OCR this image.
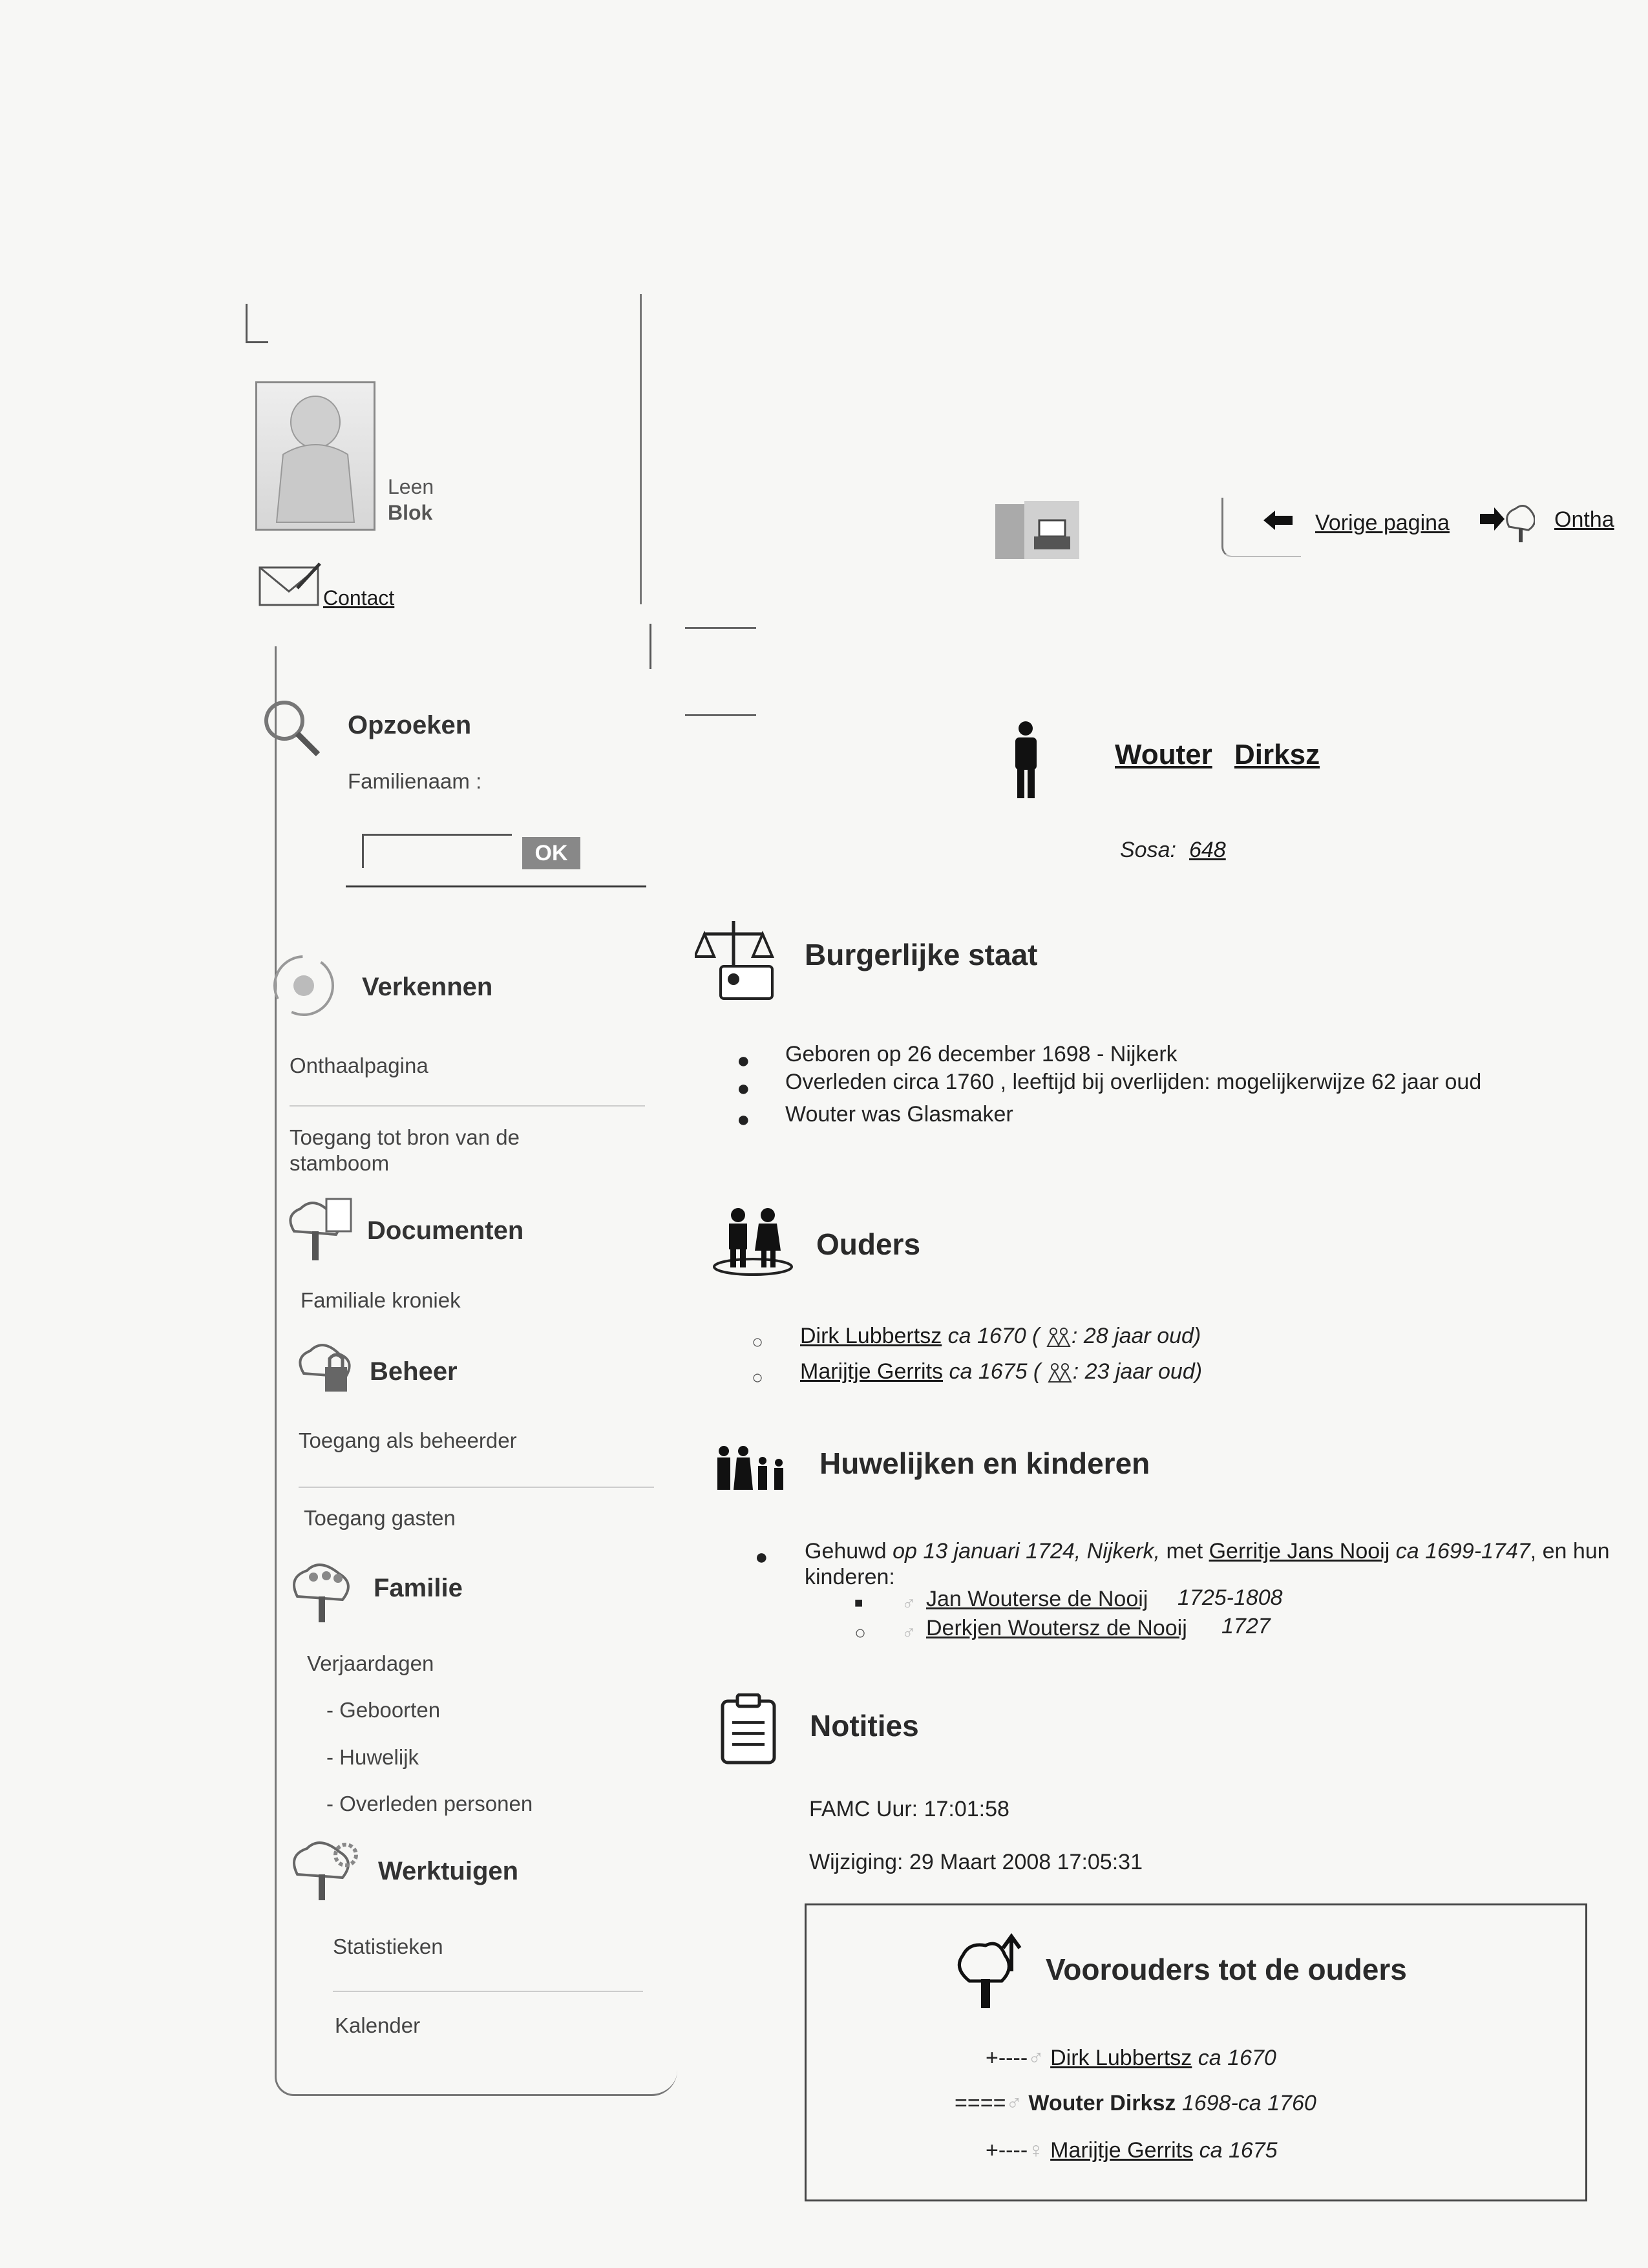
Leen
Blok
Contact
Opzoeken
Familienaam :
OK
Verkennen
Onthaalpagina
Toegang tot bron van de stamboom
Documenten
Familiale kroniek
Beheer
Toegang als beheerder
Toegang gasten
Familie
Verjaardagen
- Geboorten
- Huwelijk
- Overleden personen
Werktuigen
Statistieken
Kalender
Vorige pagina	Ontha
Wouter Dirksz
Sosa: 648
Burgerlijke staat
● Geboren op 26 december 1698 - Nijkerk
● Overleden circa 1760 , leeftijd bij overlijden: mogelijkerwijze 62 jaar oud
● Wouter was Glasmaker
Ouders
○ Dirk Lubbertsz ca 1670 ( : 28 jaar oud)
○ Marijtje Gerrits ca 1675 ( : 23 jaar oud)
Huwelijken en kinderen
● Gehuwd op 13 januari 1724, Nijkerk, met Gerritje Jans Nooij ca 1699-1747, en hun kinderen:
■ ♂ Jan Wouterse de Nooij 1725-1808
○ ♂ Derkjen Woutersz de Nooij 1727
Notities
FAMC Uur: 17:01:58
Wijziging: 29 Maart 2008 17:05:31
Voorouders tot de ouders
+----♂ Dirk Lubbertsz ca 1670
====♂ Wouter Dirksz 1698-ca 1760
+----♀ Marijtje Gerrits ca 1675
